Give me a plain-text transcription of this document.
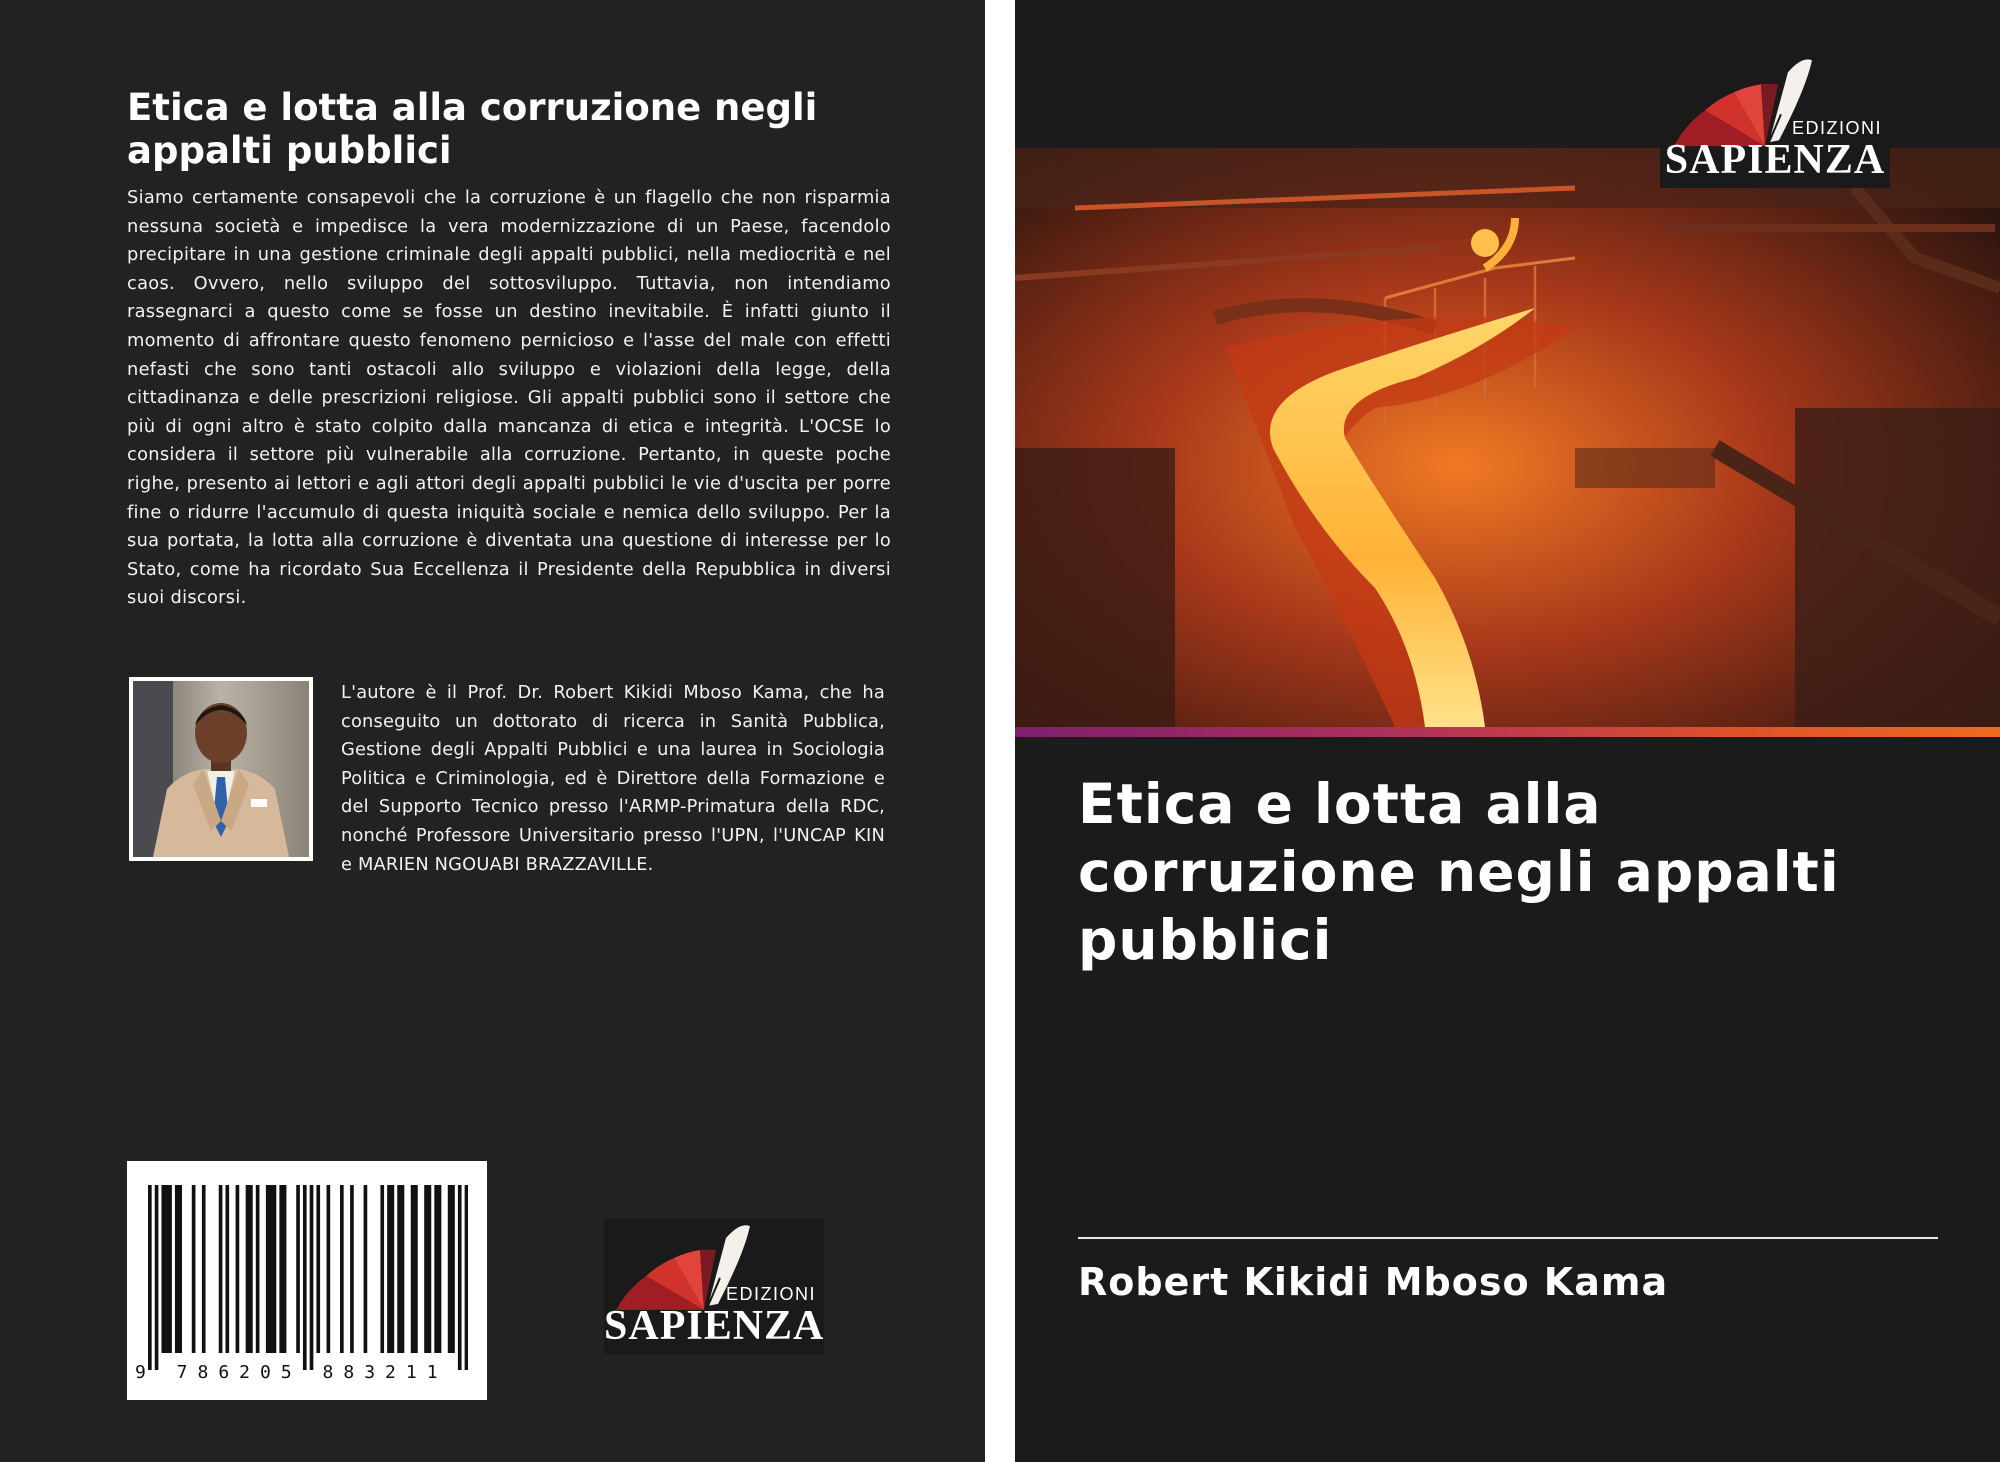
Etica e lotta alla corruzione negli appalti pubblici

Siamo certamente consapevoli che la corruzione è un flagello che non risparmia nessuna società e impedisce la vera modernizzazione di un Paese, facendolo precipitare in una gestione criminale degli appalti pubblici, nella mediocrità e nel caos. Ovvero, nello sviluppo del sottosviluppo. Tuttavia, non intendiamo rassegnarci a questo come se fosse un destino inevitabile. È infatti giunto il momento di affrontare questo fenomeno pernicioso e l'asse del male con effetti nefasti che sono tanti ostacoli allo sviluppo e violazioni della legge, della cittadinanza e delle prescrizioni religiose. Gli appalti pubblici sono il settore che più di ogni altro è stato colpito dalla mancanza di etica e integrità. L'OCSE lo considera il settore più vulnerabile alla corruzione. Pertanto, in queste poche righe, presento ai lettori e agli attori degli appalti pubblici le vie d'uscita per porre fine o ridurre l'accumulo di questa iniquità sociale e nemica dello sviluppo. Per la sua portata, la lotta alla corruzione è diventata una questione di interesse per lo Stato, come ha ricordato Sua Eccellenza il Presidente della Repubblica in diversi suoi discorsi.

L'autore è il Prof. Dr. Robert Kikidi Mboso Kama, che ha conseguito un dottorato di ricerca in Sanità Pubblica, Gestione degli Appalti Pubblici e una laurea in Sociologia Politica e Criminologia, ed è Direttore della Formazione e del Supporto Tecnico presso l'ARMP-Primatura della RDC, nonché Professore Universitario presso l'UPN, l'UNCAP KIN e MARIEN NGOUABI BRAZZAVILLE.

9 786205 883211
EDIZIONI
SAPIENZA
EDIZIONI
SAPIENZA
Etica e lotta alla corruzione negli appalti pubblici

Robert Kikidi Mboso Kama
